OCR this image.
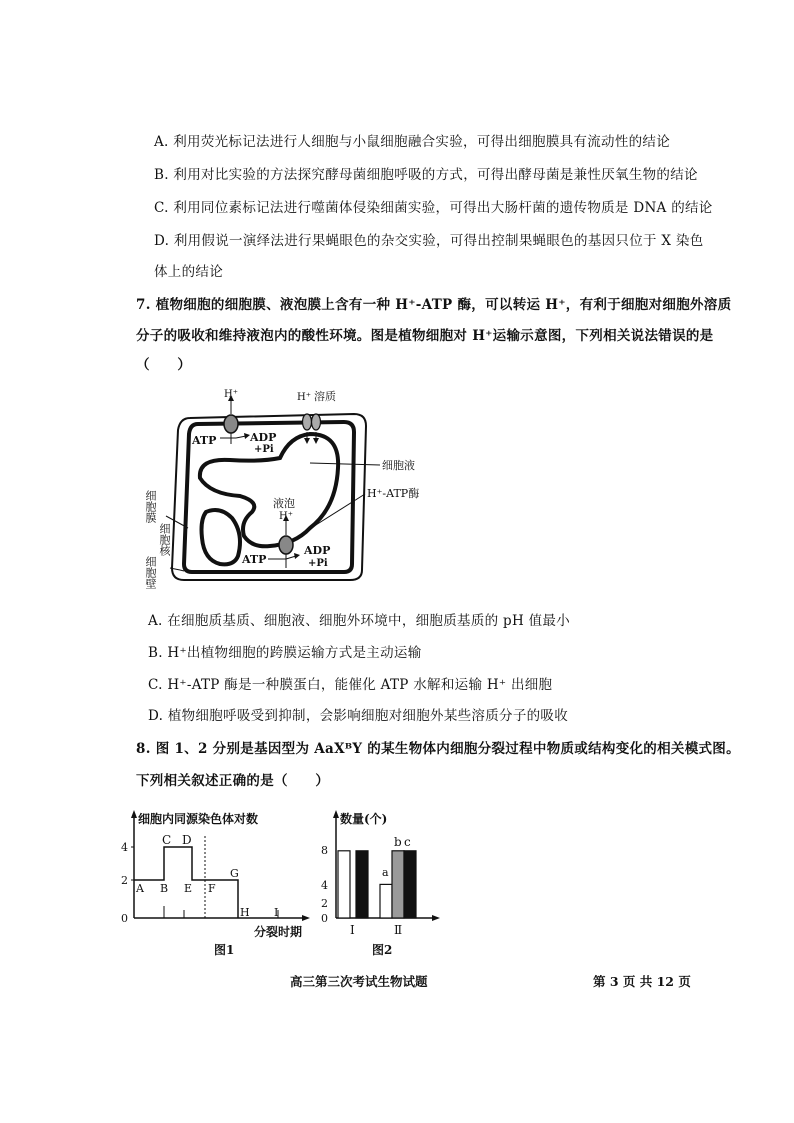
A. 利用荧光标记法进行人细胞与小鼠细胞融合实验，可得出细胞膜具有流动性的结论
B. 利用对比实验的方法探究酵母菌细胞呼吸的方式，可得出酵母菌是兼性厌氧生物的结论
C. 利用同位素标记法进行噬菌体侵染细菌实验，可得出大肠杆菌的遗传物质是 DNA 的结论
D. 利用假说一演绎法进行果蝇眼色的杂交实验，可得出控制果蝇眼色的基因只位于 X 染色
体上的结论
7. 植物细胞的细胞膜、液泡膜上含有一种 H⁺-ATP 酶，可以转运 H⁺，有利于细胞对细胞外溶质
分子的吸收和维持液泡内的酸性环境。图是植物细胞对 H⁺运输示意图，下列相关说法错误的是
（　　）
H⁺	H⁺ 溶质
ATP	ADP
+Pi
细胞液
液泡
H⁺
H⁺-ATP酶
ATP
ADP
+Pi
细胞膜
细胞核
细胞壁
A. 在细胞质基质、细胞液、细胞外环境中，细胞质基质的 pH 值最小
B. H⁺出植物细胞的跨膜运输方式是主动运输
C. H⁺-ATP 酶是一种膜蛋白，能催化 ATP 水解和运输 H⁺ 出细胞
D. 植物细胞呼吸受到抑制，会影响细胞对细胞外某些溶质分子的吸收
8. 图 1、2 分别是基因型为 AaXᴮY 的某生物体内细胞分裂过程中物质或结构变化的相关模式图。
下列相关叙述正确的是（　　）
细胞内同源染色体对数
4
2
0
A B
C D
E F
G
H I
分裂时期
图1
数量(个)
8
4
2
0
a
b c
Ⅰ	Ⅱ
图2
高三第三次考试生物试题	第 3 页 共 12 页
